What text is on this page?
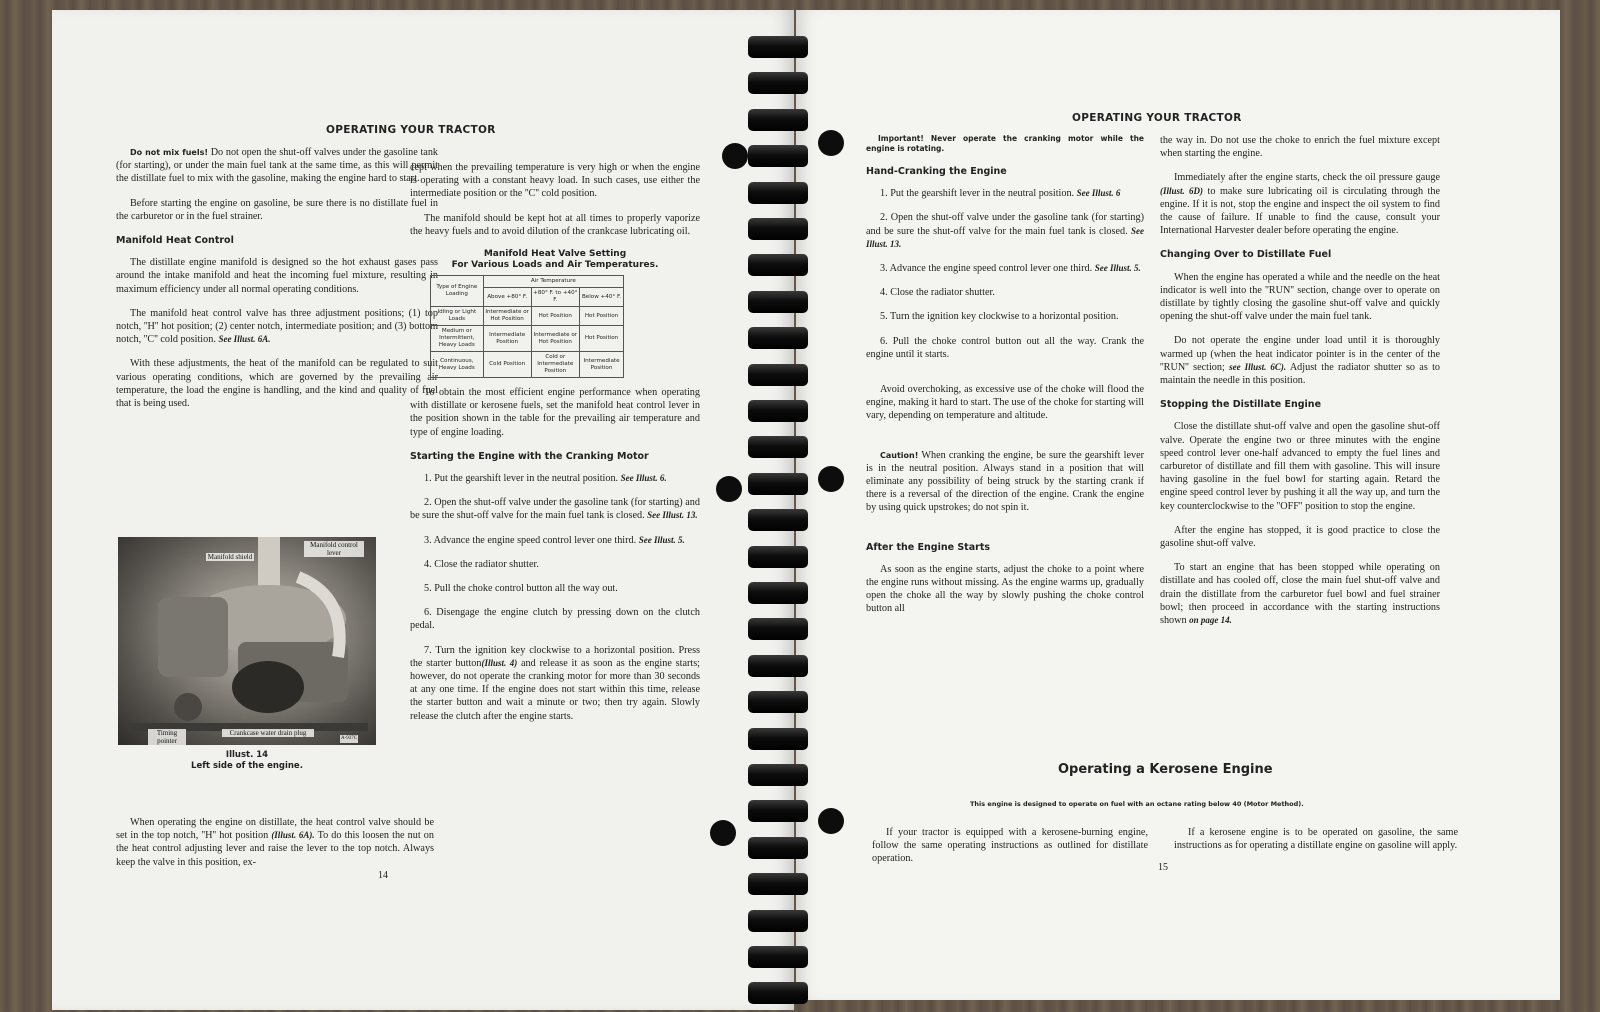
OPERATING YOUR TRACTOR

Do not mix fuels! Do not open the shut-off valves under the gasoline tank (for starting), or under the main fuel tank at the same time, as this will permit the distillate fuel to mix with the gasoline, making the engine hard to start.

Before starting the engine on gasoline, be sure there is no distillate fuel in the carburetor or in the fuel strainer.

Manifold Heat Control

The distillate engine manifold is designed so the hot exhaust gases pass around the intake manifold and heat the incoming fuel mixture, resulting in maximum efficiency under all normal operating conditions.

The manifold heat control valve has three adjustment positions; (1) top notch, ''H'' hot position; (2) center notch, intermediate position; and (3) bottom notch, ''C'' cold position. See Illust. 6A.

With these adjustments, the heat of the manifold can be regulated to suit various operating conditions, which are governed by the prevailing air temperature, the load the engine is handling, and the kind and quality of fuel that is being used.

Manifold shield
Manifold control lever
Timing pointer
Crankcase water drain plug
A-937C
Illust. 14
Left side of the engine.

When operating the engine on distillate, the heat control valve should be set in the top notch, ''H'' hot position (Illust. 6A). To do this loosen the nut on the heat control adjusting lever and raise the lever to the top notch. Always keep the valve in this position, ex-

14

cept when the prevailing temperature is very high or when the engine is operating with a constant heavy load. In such cases, use either the intermediate position or the ''C'' cold position.

The manifold should be kept hot at all times to properly vaporize the heavy fuels and to avoid dilution of the crankcase lubricating oil.

Manifold Heat Valve Setting
For Various Loads and Air Temperatures.
Type of Engine Loading	Air Temperature		
	Above +80° F.	+80° F. to +40° F.	Below +40° F.
Idling or Light Loads	Intermediate or Hot Position	Hot Position	Hot Position
Medium or Intermittent, Heavy Loads	Intermediate Position	Intermediate or Hot Position	Hot Position
Continuous, Heavy Loads	Cold Position	Cold or Intermediate Position	Intermediate Position

To obtain the most efficient engine performance when operating with distillate or kerosene fuels, set the manifold heat control lever in the position shown in the table for the prevailing air temperature and type of engine loading.

Starting the Engine with the Cranking Motor

1. Put the gearshift lever in the neutral position. See Illust. 6.

2. Open the shut-off valve under the gasoline tank (for starting) and be sure the shut-off valve for the main fuel tank is closed. See Illust. 13.

3. Advance the engine speed control lever one third. See Illust. 5.

4. Close the radiator shutter.

5. Pull the choke control button all the way out.

6. Disengage the engine clutch by pressing down on the clutch pedal.

7. Turn the ignition key clockwise to a horizontal position. Press the starter button(Illust. 4) and release it as soon as the engine starts; however, do not operate the cranking motor for more than 30 seconds at any one time. If the engine does not start within this time, release the starter button and wait a minute or two; then try again. Slowly release the clutch after the engine starts.

OPERATING YOUR TRACTOR

Important! Never operate the cranking motor while the engine is rotating.

Hand-Cranking the Engine

1. Put the gearshift lever in the neutral position. See Illust. 6

2. Open the shut-off valve under the gasoline tank (for starting) and be sure the shut-off valve for the main fuel tank is closed. See Illust. 13.

3. Advance the engine speed control lever one third. See Illust. 5.

4. Close the radiator shutter.

5. Turn the ignition key clockwise to a horizontal position.

6. Pull the choke control button out all the way. Crank the engine until it starts.

Avoid overchoking, as excessive use of the choke will flood the engine, making it hard to start. The use of the choke for starting will vary, depending on temperature and altitude.

Caution! When cranking the engine, be sure the gearshift lever is in the neutral position. Always stand in a position that will eliminate any possibility of being struck by the starting crank if there is a reversal of the direction of the engine. Crank the engine by using quick upstrokes; do not spin it.

After the Engine Starts

As soon as the engine starts, adjust the choke to a point where the engine runs without missing. As the engine warms up, gradually open the choke all the way by slowly pushing the choke control button all

the way in. Do not use the choke to enrich the fuel mixture except when starting the engine.

Immediately after the engine starts, check the oil pressure gauge (Illust. 6D) to make sure lubricating oil is circulating through the engine. If it is not, stop the engine and inspect the oil system to find the cause of failure. If unable to find the cause, consult your International Harvester dealer before operating the engine.

Changing Over to Distillate Fuel

When the engine has operated a while and the needle on the heat indicator is well into the ''RUN'' section, change over to operate on distillate by tightly closing the gasoline shut-off valve and quickly opening the shut-off valve under the main fuel tank.

Do not operate the engine under load until it is thoroughly warmed up (when the heat indicator pointer is in the center of the ''RUN'' section; see Illust. 6C). Adjust the radiator shutter so as to maintain the needle in this position.

Stopping the Distillate Engine

Close the distillate shut-off valve and open the gasoline shut-off valve. Operate the engine two or three minutes with the engine speed control lever one-half advanced to empty the fuel lines and carburetor of distillate and fill them with gasoline. This will insure having gasoline in the fuel bowl for starting again. Retard the engine speed control lever by pushing it all the way up, and turn the key counterclockwise to the ''OFF'' position to stop the engine.

After the engine has stopped, it is good practice to close the gasoline shut-off valve.

To start an engine that has been stopped while operating on distillate and has cooled off, close the main fuel shut-off valve and drain the distillate from the carburetor fuel bowl and fuel strainer bowl; then proceed in accordance with the starting instructions shown on page 14.

Operating a Kerosene Engine
This engine is designed to operate on fuel with an octane rating below 40 (Motor Method).

If your tractor is equipped with a kerosene-burning engine, follow the same operating instructions as outlined for distillate operation.

If a kerosene engine is to be operated on gasoline, the same instructions as for operating a distillate engine on gasoline will apply.

15
